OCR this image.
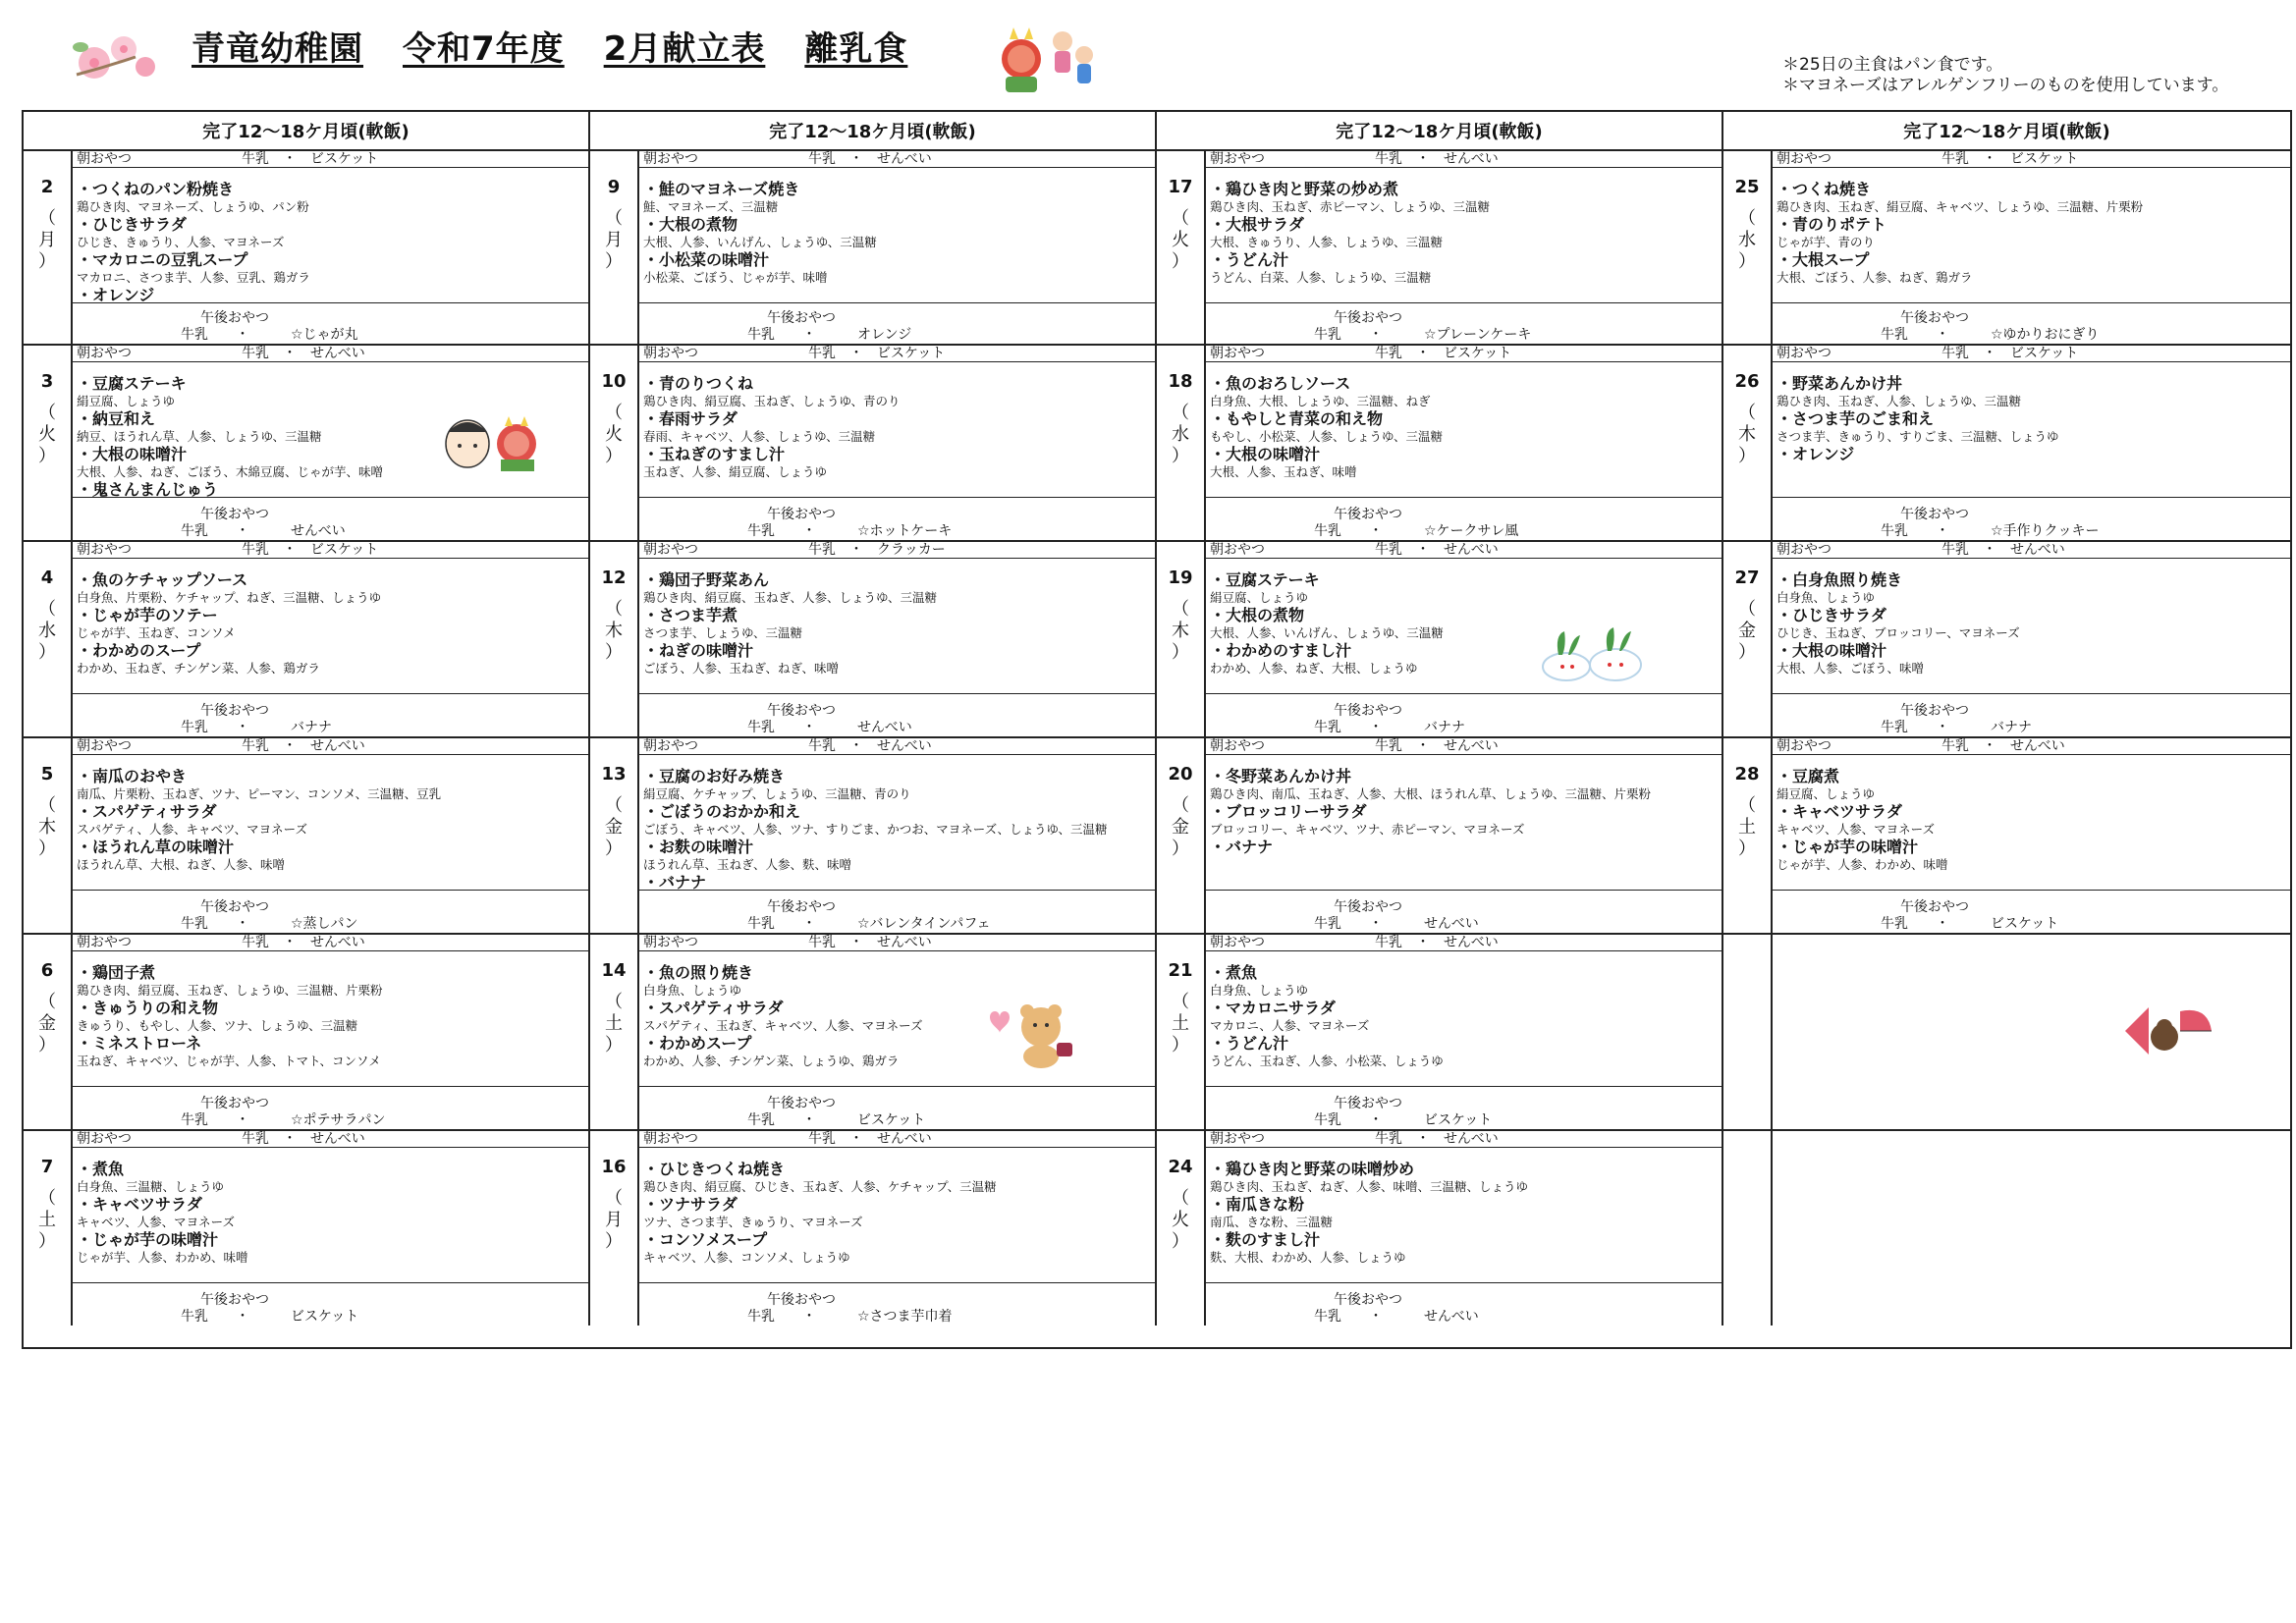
青竜幼稚園 令和7年度 2月献立表 離乳食	＊25日の主食はパン食です。
＊マヨネーズはアレルゲンフリーのものを使用しています。
完了12～18ケ月頃(軟飯)	完了12～18ケ月頃(軟飯)	完了12～18ケ月頃(軟飯)	完了12～18ケ月頃(軟飯)
2
（
月
）
朝おやつ　　　　　　　　	牛乳　・　ビスケット
・つくねのパン粉焼き
鶏ひき肉、マヨネーズ、しょうゆ、パン粉
・ひじきサラダ
ひじき、きゅうり、人参、マヨネーズ
・マカロニの豆乳スープ
マカロニ、さつま芋、人参、豆乳、鶏ガラ
・オレンジ
午後おやつ
牛乳　　・　　　☆じゃが丸
9
（
月
）
朝おやつ　　　　　　　　	牛乳　・　せんべい
・鮭のマヨネーズ焼き
鮭、マヨネーズ、三温糖
・大根の煮物
大根、人参、いんげん、しょうゆ、三温糖
・小松菜の味噌汁
小松菜、ごぼう、じゃが芋、味噌
午後おやつ
牛乳　　・　　　オレンジ
17
（
火
）
朝おやつ　　　　　　　　	牛乳　・　せんべい
・鶏ひき肉と野菜の炒め煮
鶏ひき肉、玉ねぎ、赤ピーマン、しょうゆ、三温糖
・大根サラダ
大根、きゅうり、人参、しょうゆ、三温糖
・うどん汁
うどん、白菜、人参、しょうゆ、三温糖
午後おやつ
牛乳　　・　　　☆プレーンケーキ
25
（
水
）
朝おやつ　　　　　　　　	牛乳　・　ビスケット
・つくね焼き
鶏ひき肉、玉ねぎ、絹豆腐、キャベツ、しょうゆ、三温糖、片栗粉
・青のりポテト
じゃが芋、青のり
・大根スープ
大根、ごぼう、人参、ねぎ、鶏ガラ
午後おやつ
牛乳　　・　　　☆ゆかりおにぎり
3
（
火
）
朝おやつ　　　　　　　　	牛乳　・　せんべい
・豆腐ステーキ
絹豆腐、しょうゆ
・納豆和え
納豆、ほうれん草、人参、しょうゆ、三温糖
・大根の味噌汁
大根、人参、ねぎ、ごぼう、木綿豆腐、じゃが芋、味噌
・鬼さんまんじゅう
午後おやつ
牛乳　　・　　　せんべい
10
（
火
）
朝おやつ　　　　　　　　	牛乳　・　ビスケット
・青のりつくね
鶏ひき肉、絹豆腐、玉ねぎ、しょうゆ、青のり
・春雨サラダ
春雨、キャベツ、人参、しょうゆ、三温糖
・玉ねぎのすまし汁
玉ねぎ、人参、絹豆腐、しょうゆ
午後おやつ
牛乳　　・　　　☆ホットケーキ
18
（
水
）
朝おやつ　　　　　　　　	牛乳　・　ビスケット
・魚のおろしソース
白身魚、大根、しょうゆ、三温糖、ねぎ
・もやしと青菜の和え物
もやし、小松菜、人参、しょうゆ、三温糖
・大根の味噌汁
大根、人参、玉ねぎ、味噌
午後おやつ
牛乳　　・　　　☆ケークサレ風
26
（
木
）
朝おやつ　　　　　　　　	牛乳　・　ビスケット
・野菜あんかけ丼
鶏ひき肉、玉ねぎ、人参、しょうゆ、三温糖
・さつま芋のごま和え
さつま芋、きゅうり、すりごま、三温糖、しょうゆ
・オレンジ
午後おやつ
牛乳　　・　　　☆手作りクッキー
4
（
水
）
朝おやつ　　　　　　　　	牛乳　・　ビスケット
・魚のケチャップソース
白身魚、片栗粉、ケチャップ、ねぎ、三温糖、しょうゆ
・じゃが芋のソテー
じゃが芋、玉ねぎ、コンソメ
・わかめのスープ
わかめ、玉ねぎ、チンゲン菜、人参、鶏ガラ
午後おやつ
牛乳　　・　　　バナナ
12
（
木
）
朝おやつ　　　　　　　　	牛乳　・　クラッカー
・鶏団子野菜あん
鶏ひき肉、絹豆腐、玉ねぎ、人参、しょうゆ、三温糖
・さつま芋煮
さつま芋、しょうゆ、三温糖
・ねぎの味噌汁
ごぼう、人参、玉ねぎ、ねぎ、味噌
午後おやつ
牛乳　　・　　　せんべい
19
（
木
）
朝おやつ　　　　　　　　	牛乳　・　せんべい
・豆腐ステーキ
絹豆腐、しょうゆ
・大根の煮物
大根、人参、いんげん、しょうゆ、三温糖
・わかめのすまし汁
わかめ、人参、ねぎ、大根、しょうゆ
午後おやつ
牛乳　　・　　　バナナ
27
（
金
）
朝おやつ　　　　　　　　	牛乳　・　せんべい
・白身魚照り焼き
白身魚、しょうゆ
・ひじきサラダ
ひじき、玉ねぎ、ブロッコリー、マヨネーズ
・大根の味噌汁
大根、人参、ごぼう、味噌
午後おやつ
牛乳　　・　　　バナナ
5
（
木
）
朝おやつ　　　　　　　　	牛乳　・　せんべい
・南瓜のおやき
南瓜、片栗粉、玉ねぎ、ツナ、ピーマン、コンソメ、三温糖、豆乳
・スパゲティサラダ
スパゲティ、人参、キャベツ、マヨネーズ
・ほうれん草の味噌汁
ほうれん草、大根、ねぎ、人参、味噌
午後おやつ
牛乳　　・　　　☆蒸しパン
13
（
金
）
朝おやつ　　　　　　　　	牛乳　・　せんべい
・豆腐のお好み焼き
絹豆腐、ケチャップ、しょうゆ、三温糖、青のり
・ごぼうのおかか和え
ごぼう、キャベツ、人参、ツナ、すりごま、かつお、マヨネーズ、しょうゆ、三温糖
・お麩の味噌汁
ほうれん草、玉ねぎ、人参、麩、味噌
・バナナ
午後おやつ
牛乳　　・　　　☆バレンタインパフェ
20
（
金
）
朝おやつ　　　　　　　　	牛乳　・　せんべい
・冬野菜あんかけ丼
鶏ひき肉、南瓜、玉ねぎ、人参、大根、ほうれん草、しょうゆ、三温糖、片栗粉
・ブロッコリーサラダ
ブロッコリー、キャベツ、ツナ、赤ピーマン、マヨネーズ
・バナナ
午後おやつ
牛乳　　・　　　せんべい
28
（
土
）
朝おやつ　　　　　　　　	牛乳　・　せんべい
・豆腐煮
絹豆腐、しょうゆ
・キャベツサラダ
キャベツ、人参、マヨネーズ
・じゃが芋の味噌汁
じゃが芋、人参、わかめ、味噌
午後おやつ
牛乳　　・　　　ビスケット
6
（
金
）
朝おやつ　　　　　　　　	牛乳　・　せんべい
・鶏団子煮
鶏ひき肉、絹豆腐、玉ねぎ、しょうゆ、三温糖、片栗粉
・きゅうりの和え物
きゅうり、もやし、人参、ツナ、しょうゆ、三温糖
・ミネストローネ
玉ねぎ、キャベツ、じゃが芋、人参、トマト、コンソメ
午後おやつ
牛乳　　・　　　☆ポテサラパン
14
（
土
）
朝おやつ　　　　　　　　	牛乳　・　せんべい
・魚の照り焼き
白身魚、しょうゆ
・スパゲティサラダ
スパゲティ、玉ねぎ、キャベツ、人参、マヨネーズ
・わかめスープ
わかめ、人参、チンゲン菜、しょうゆ、鶏ガラ
午後おやつ
牛乳　　・　　　ビスケット
21
（
土
）
朝おやつ　　　　　　　　	牛乳　・　せんべい
・煮魚
白身魚、しょうゆ
・マカロニサラダ
マカロニ、人参、マヨネーズ
・うどん汁
うどん、玉ねぎ、人参、小松菜、しょうゆ
午後おやつ
牛乳　　・　　　ビスケット
7
（
土
）
朝おやつ　　　　　　　　	牛乳　・　せんべい
・煮魚
白身魚、三温糖、しょうゆ
・キャベツサラダ
キャベツ、人参、マヨネーズ
・じゃが芋の味噌汁
じゃが芋、人参、わかめ、味噌
午後おやつ
牛乳　　・　　　ビスケット
16
（
月
）
朝おやつ　　　　　　　　	牛乳　・　せんべい
・ひじきつくね焼き
鶏ひき肉、絹豆腐、ひじき、玉ねぎ、人参、ケチャップ、三温糖
・ツナサラダ
ツナ、さつま芋、きゅうり、マヨネーズ
・コンソメスープ
キャベツ、人参、コンソメ、しょうゆ
午後おやつ
牛乳　　・　　　☆さつま芋巾着
24
（
火
）
朝おやつ　　　　　　　　	牛乳　・　せんべい
・鶏ひき肉と野菜の味噌炒め
鶏ひき肉、玉ねぎ、ねぎ、人参、味噌、三温糖、しょうゆ
・南瓜きな粉
南瓜、きな粉、三温糖
・麩のすまし汁
麩、大根、わかめ、人参、しょうゆ
午後おやつ
牛乳　　・　　　せんべい
